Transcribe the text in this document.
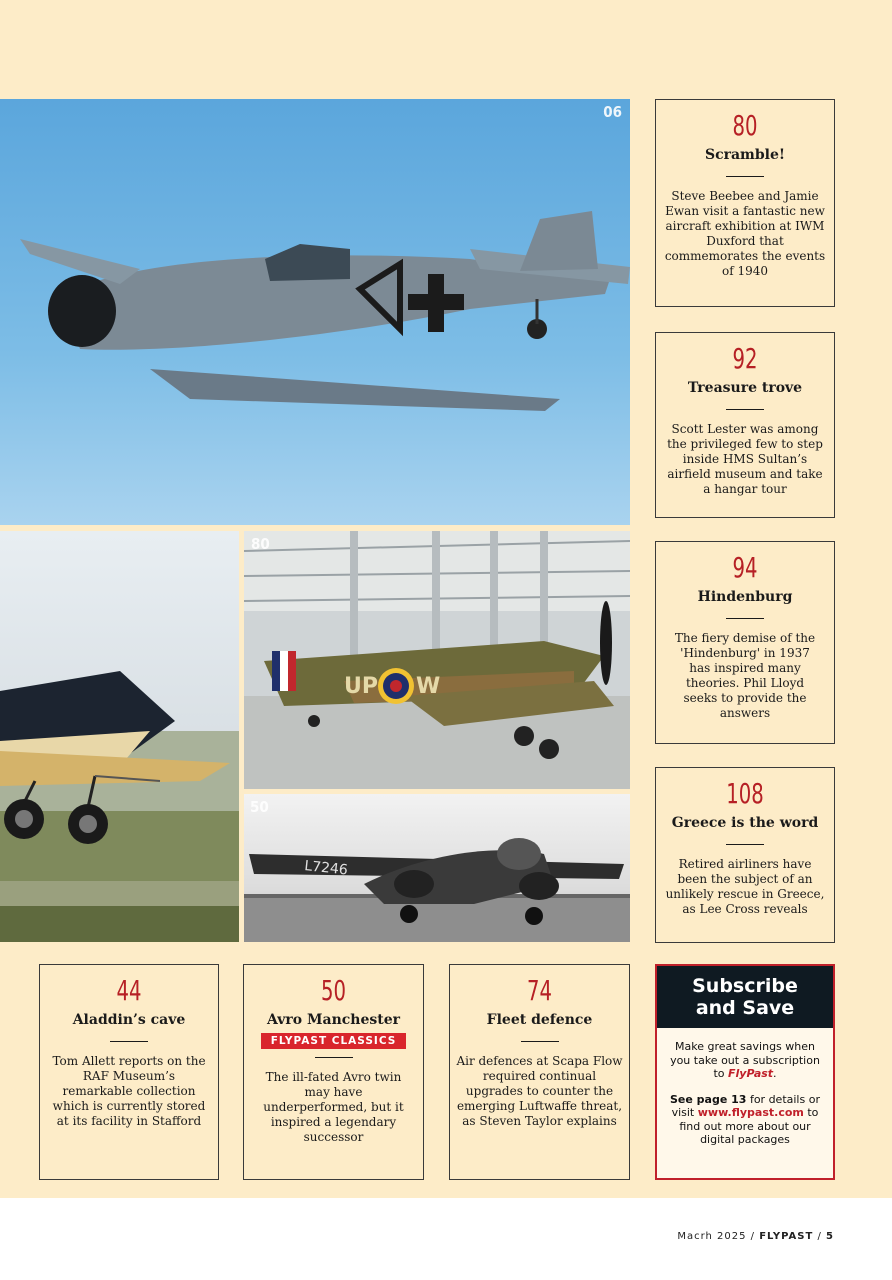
06
UP W
80
L7246
50
80
Scramble!
Steve Beebee and Jamie Ewan visit a fantastic new aircraft exhibition at IWM Duxford that commemorates the events of 1940
92
Treasure trove
Scott Lester was among the privileged few to step inside HMS Sultan’s airfield museum and take a hangar tour
94
Hindenburg
The fiery demise of the 'Hindenburg' in 1937 has inspired many theories. Phil Lloyd seeks to provide the answers
108
Greece is the word
Retired airliners have been the subject of an unlikely rescue in Greece, as Lee Cross reveals
44
Aladdin’s cave
Tom Allett reports on the RAF Museum’s remarkable collection which is currently stored at its facility in Stafford
50
Avro Manchester
FLYPAST CLASSICS
The ill-fated Avro twin may have underperformed, but it inspired a legendary successor
74
Fleet defence
Air defences at Scapa Flow required continual upgrades to counter the emerging Luftwaffe threat, as Steven Taylor explains
Subscribe
and Save

Make great savings when you take out a subscription to FlyPast.

See page 13 for details or visit www.flypast.com to find out more about our digital packages

Macrh 2025 / FLYPAST / 5
